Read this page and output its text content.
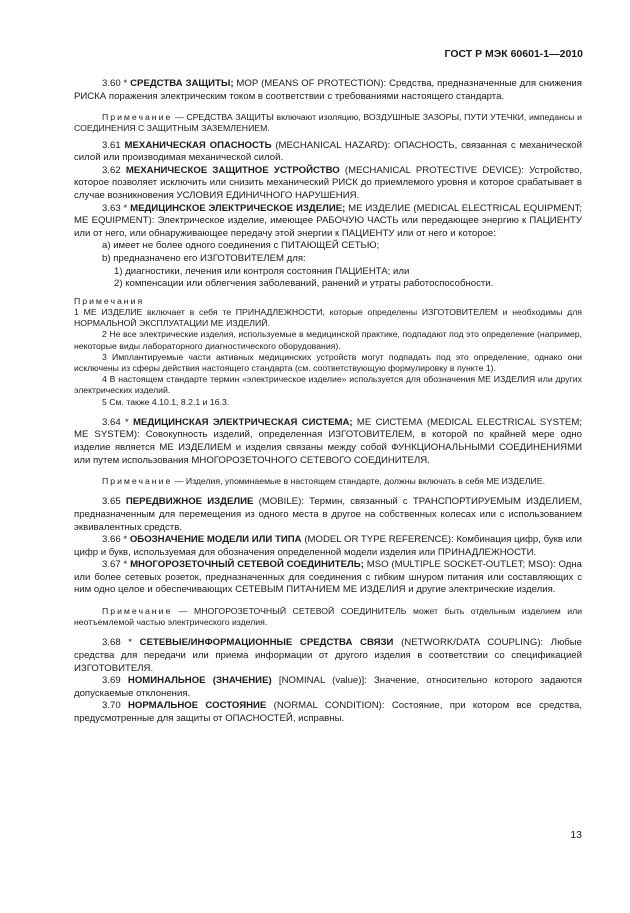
ГОСТ Р МЭК 60601-1—2010

3.60 * СРЕДСТВА ЗАЩИТЫ; МОР (MEANS OF PROTECTION): Средства, предназначенные для снижения РИСКА поражения электрическим током в соответствии с требованиями настоящего стандарта.

Примечание — СРЕДСТВА ЗАЩИТЫ включают изоляцию, ВОЗДУШНЫЕ ЗАЗОРЫ, ПУТИ УТЕЧКИ, импедансы и СОЕДИНЕНИЯ С ЗАЩИТНЫМ ЗАЗЕМЛЕНИЕМ.

3.61 МЕХАНИЧЕСКАЯ ОПАСНОСТЬ (MECHANICAL HAZARD): ОПАСНОСТЬ, связанная с механической силой или производимая механической силой.

3.62 МЕХАНИЧЕСКОЕ ЗАЩИТНОЕ УСТРОЙСТВО (MECHANICAL PROTECTIVE DEVICE): Устройство, которое позволяет исключить или снизить механический РИСК до приемлемого уровня и которое срабатывает в случае возникновения УСЛОВИЯ ЕДИНИЧНОГО НАРУШЕНИЯ.

3.63 * МЕДИЦИНСКОЕ ЭЛЕКТРИЧЕСКОЕ ИЗДЕЛИЕ; МЕ ИЗДЕЛИЕ (MEDICAL ELECTRICAL EQUIPMENT; ME EQUIPMENT): Электрическое изделие, имеющее РАБОЧУЮ ЧАСТЬ или передающее энергию к ПАЦИЕНТУ или от него, или обнаруживающее передачу этой энергии к ПАЦИЕНТУ или от него и которое:

а) имеет не более одного соединения с ПИТАЮЩЕЙ СЕТЬЮ;

b) предназначено его ИЗГОТОВИТЕЛЕМ для:

1) диагностики, лечения или контроля состояния ПАЦИЕНТА; или

2) компенсации или облегчения заболеваний, ранений и утраты работоспособности.

Примечания

1 МЕ ИЗДЕЛИЕ включает в себя те ПРИНАДЛЕЖНОСТИ, которые определены ИЗГОТОВИТЕЛЕМ и необходимы для НОРМАЛЬНОЙ ЭКСПЛУАТАЦИИ МЕ ИЗДЕЛИЙ.

2 Не все электрические изделия, используемые в медицинской практике, подпадают под это определение (например, некоторые виды лабораторного диагностического оборудования).

3 Имплантируемые части активных медицинских устройств могут подпадать под это определение, однако они исключены из сферы действия настоящего стандарта (см. соответствующую формулировку в пункте 1).

4 В настоящем стандарте термин «электрическое изделие» используется для обозначения МЕ ИЗДЕЛИЯ или других электрических изделий.

5 См. также 4.10.1, 8.2.1 и 16.3.

3.64 * МЕДИЦИНСКАЯ ЭЛЕКТРИЧЕСКАЯ СИСТЕМА; МЕ СИСТЕМА (MEDICAL ELECTRICAL SYSTEM; ME SYSTEM): Совокупность изделий, определенная ИЗГОТОВИТЕЛЕМ, в которой по крайней мере одно изделие является МЕ ИЗДЕЛИЕМ и изделия связаны между собой ФУНКЦИОНАЛЬНЫМИ СОЕДИНЕНИЯМИ или путем использования МНОГОРОЗЕТОЧНОГО СЕТЕВОГО СОЕДИНИТЕЛЯ.

Примечание — Изделия, упоминаемые в настоящем стандарте, должны включать в себя МЕ ИЗДЕЛИЕ.

3.65 ПЕРЕДВИЖНОЕ ИЗДЕЛИЕ (MOBILE): Термин, связанный с ТРАНСПОРТИРУЕМЫМ ИЗДЕЛИЕМ, предназначенным для перемещения из одного места в другое на собственных колесах или с использованием эквивалентных средств.

3.66 * ОБОЗНАЧЕНИЕ МОДЕЛИ ИЛИ ТИПА (MODEL OR TYPE REFERENCE): Комбинация цифр, букв или цифр и букв, используемая для обозначения определенной модели изделия или ПРИНАДЛЕЖНОСТИ.

3.67 * МНОГОРОЗЕТОЧНЫЙ СЕТЕВОЙ СОЕДИНИТЕЛЬ; MSO (MULTIPLE SOCKET-OUTLET; MSO): Одна или более сетевых розеток, предназначенных для соединения с гибким шнуром питания или составляющих с ним одно целое и обеспечивающих СЕТЕВЫМ ПИТАНИЕМ МЕ ИЗДЕЛИЯ и другие электрические изделия.

Примечание — МНОГОРОЗЕТОЧНЫЙ СЕТЕВОЙ СОЕДИНИТЕЛЬ может быть отдельным изделием или неотъемлемой частью электрического изделия.

3.68 * СЕТЕВЫЕ/ИНФОРМАЦИОННЫЕ СРЕДСТВА СВЯЗИ (NETWORK/DATA COUPLING): Любые средства для передачи или приема информации от другого изделия в соответствии со спецификацией ИЗГОТОВИТЕЛЯ.

3.69 НОМИНАЛЬНОЕ (ЗНАЧЕНИЕ) [NOMINAL (value)]: Значение, относительно которого задаются допускаемые отклонения.

3.70 НОРМАЛЬНОЕ СОСТОЯНИЕ (NORMAL CONDITION): Состояние, при котором все средства, предусмотренные для защиты от ОПАСНОСТЕЙ, исправны.

13
